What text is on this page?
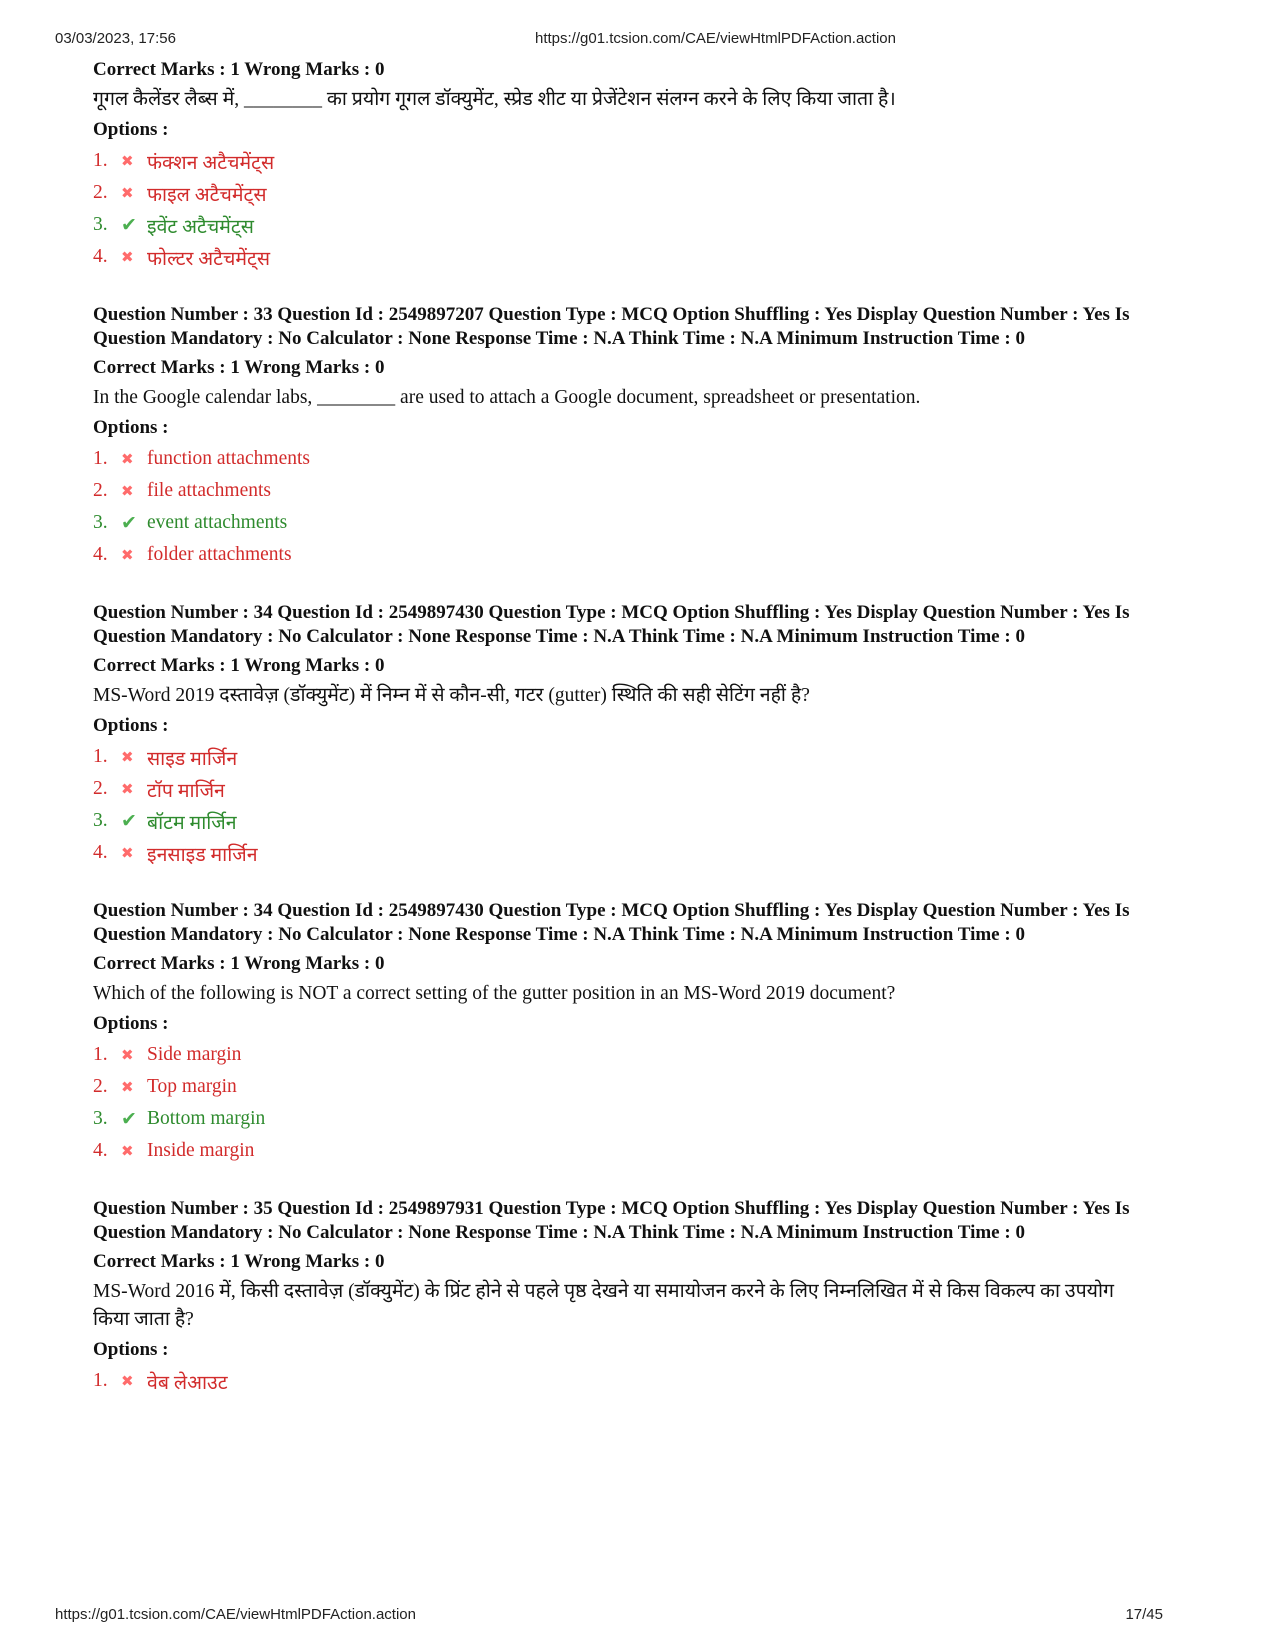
03/03/2023, 17:56	https://g01.tcsion.com/CAE/viewHtmlPDFAction.action
Correct Marks : 1 Wrong Marks : 0
गूगल कैलेंडर लैब्स में, ________ का प्रयोग गूगल डॉक्युमेंट, स्प्रेड शीट या प्रेजेंटेशन संलग्न करने के लिए किया जाता है।
Options :
1. ✖ फंक्शन अटैचमेंट्स
2. ✖ फाइल अटैचमेंट्स
3. ✔ इवेंट अटैचमेंट्स
4. ✖ फोल्टर अटैचमेंट्स
Question Number : 33 Question Id : 2549897207 Question Type : MCQ Option Shuffling : Yes Display Question Number : Yes Is Question Mandatory : No Calculator : None Response Time : N.A Think Time : N.A Minimum Instruction Time : 0
Correct Marks : 1 Wrong Marks : 0
In the Google calendar labs, ________ are used to attach a Google document, spreadsheet or presentation.
Options :
1. ✖ function attachments
2. ✖ file attachments
3. ✔ event attachments
4. ✖ folder attachments
Question Number : 34 Question Id : 2549897430 Question Type : MCQ Option Shuffling : Yes Display Question Number : Yes Is Question Mandatory : No Calculator : None Response Time : N.A Think Time : N.A Minimum Instruction Time : 0
Correct Marks : 1 Wrong Marks : 0
MS-Word 2019 दस्तावेज़ (डॉक्युमेंट) में निम्न में से कौन-सी, गटर (gutter) स्थिति की सही सेटिंग नहीं है?
Options :
1. ✖ साइड मार्जिन
2. ✖ टॉप मार्जिन
3. ✔ बॉटम मार्जिन
4. ✖ इनसाइड मार्जिन
Question Number : 34 Question Id : 2549897430 Question Type : MCQ Option Shuffling : Yes Display Question Number : Yes Is Question Mandatory : No Calculator : None Response Time : N.A Think Time : N.A Minimum Instruction Time : 0
Correct Marks : 1 Wrong Marks : 0
Which of the following is NOT a correct setting of the gutter position in an MS-Word 2019 document?
Options :
1. ✖ Side margin
2. ✖ Top margin
3. ✔ Bottom margin
4. ✖ Inside margin
Question Number : 35 Question Id : 2549897931 Question Type : MCQ Option Shuffling : Yes Display Question Number : Yes Is Question Mandatory : No Calculator : None Response Time : N.A Think Time : N.A Minimum Instruction Time : 0
Correct Marks : 1 Wrong Marks : 0
MS-Word 2016 में, किसी दस्तावेज़ (डॉक्युमेंट) के प्रिंट होने से पहले पृष्ठ देखने या समायोजन करने के लिए निम्नलिखित में से किस विकल्प का उपयोग किया जाता है?
Options :
1. ✖ वेब लेआउट
https://g01.tcsion.com/CAE/viewHtmlPDFAction.action	17/45
